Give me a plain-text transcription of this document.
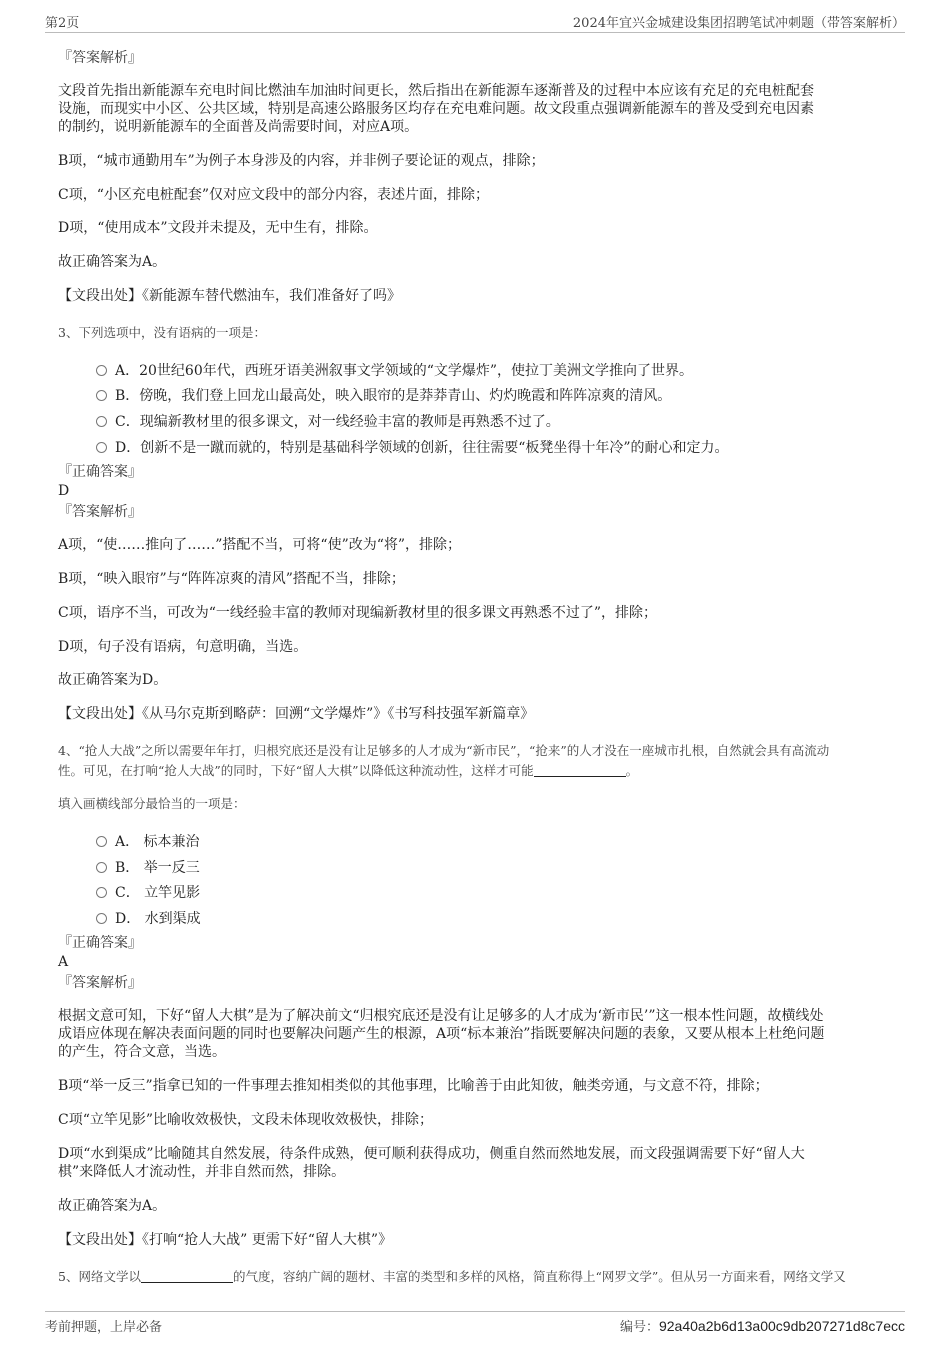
第2页	2024年宜兴金城建设集团招聘笔试冲刺题（带答案解析）
『答案解析』
文段首先指出新能源车充电时间比燃油车加油时间更长，然后指出在新能源车逐渐普及的过程中本应该有充足的充电桩配套
设施，而现实中小区、公共区域，特别是高速公路服务区均存在充电难问题。故文段重点强调新能源车的普及受到充电因素
的制约，说明新能源车的全面普及尚需要时间，对应A项。
B项，“城市通勤用车”为例子本身涉及的内容，并非例子要论证的观点，排除；
C项，“小区充电桩配套”仅对应文段中的部分内容，表述片面，排除；
D项，“使用成本”文段并未提及，无中生有，排除。
故正确答案为A。
【文段出处】《新能源车替代燃油车，我们准备好了吗》
3、下列选项中，没有语病的一项是：
A．20世纪60年代，西班牙语美洲叙事文学领域的“文学爆炸”，使拉丁美洲文学推向了世界。
B．傍晚，我们登上回龙山最高处，映入眼帘的是莽莽青山、灼灼晚霞和阵阵凉爽的清风。
C．现编新教材里的很多课文，对一线经验丰富的教师是再熟悉不过了。
D．创新不是一蹴而就的，特别是基础科学领域的创新，往往需要“板凳坐得十年冷”的耐心和定力。
『正确答案』
D
『答案解析』
A项，“使……推向了……”搭配不当，可将“使”改为“将”，排除；
B项，“映入眼帘”与“阵阵凉爽的清风”搭配不当，排除；
C项，语序不当，可改为“一线经验丰富的教师对现编新教材里的很多课文再熟悉不过了”，排除；
D项，句子没有语病，句意明确，当选。
故正确答案为D。
【文段出处】《从马尔克斯到略萨：回溯“文学爆炸”》《书写科技强军新篇章》
4、“抢人大战”之所以需要年年打，归根究底还是没有让足够多的人才成为“新市民”，“抢来”的人才没在一座城市扎根，自然就会具有高流动
性。可见，在打响“抢人大战”的同时，下好“留人大棋”以降低这种流动性，这样才可能	。
填入画横线部分最恰当的一项是：
A． 标本兼治
B． 举一反三
C． 立竿见影
D． 水到渠成
『正确答案』
A
『答案解析』
根据文意可知，下好“留人大棋”是为了解决前文“归根究底还是没有让足够多的人才成为‘新市民’”这一根本性问题，故横线处
成语应体现在解决表面问题的同时也要解决问题产生的根源，A项“标本兼治”指既要解决问题的表象，又要从根本上杜绝问题
的产生，符合文意，当选。
B项“举一反三”指拿已知的一件事理去推知相类似的其他事理，比喻善于由此知彼，触类旁通，与文意不符，排除；
C项“立竿见影”比喻收效极快，文段未体现收效极快，排除；
D项“水到渠成”比喻随其自然发展，待条件成熟，便可顺利获得成功，侧重自然而然地发展，而文段强调需要下好“留人大
棋”来降低人才流动性，并非自然而然，排除。
故正确答案为A。
【文段出处】《打响“抢人大战” 更需下好“留人大棋”》
5、网络文学以	的气度，容纳广阔的题材、丰富的类型和多样的风格，简直称得上“网罗文学”。但从另一方面来看，网络文学又
考前押题，上岸必备	编号：92a40a2b6d13a00c9db207271d8c7ecc
